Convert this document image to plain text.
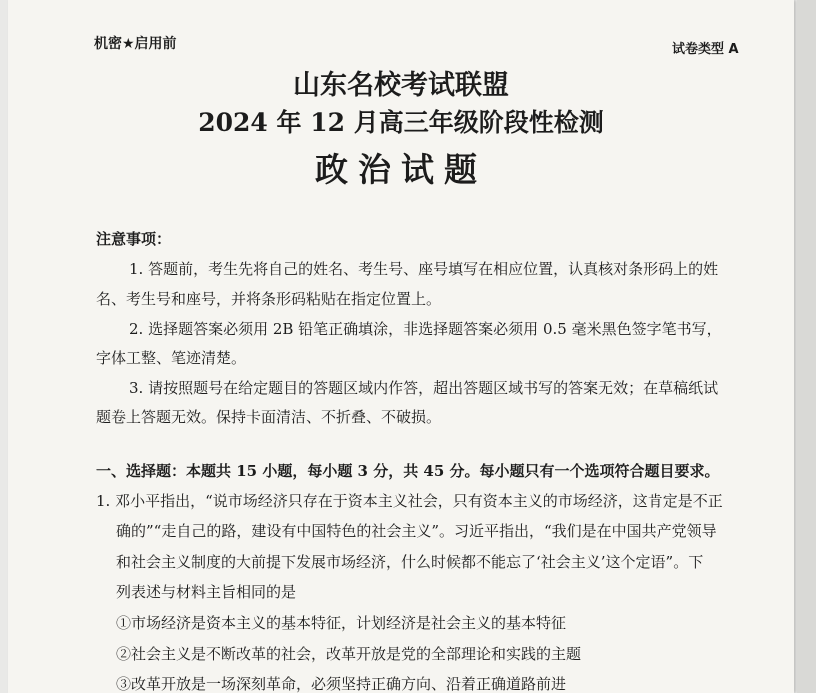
机密★启用前	试卷类型 A
山东名校考试联盟
2024 年 12 月高三年级阶段性检测
政治试题
注意事项：
1. 答题前，考生先将自己的姓名、考生号、座号填写在相应位置，认真核对条形码上的姓
名、考生号和座号，并将条形码粘贴在指定位置上。
2. 选择题答案必须用 2B 铅笔正确填涂，非选择题答案必须用 0.5 毫米黑色签字笔书写，
字体工整、笔迹清楚。
3. 请按照题号在给定题目的答题区域内作答，超出答题区域书写的答案无效；在草稿纸试
题卷上答题无效。保持卡面清洁、不折叠、不破损。
一、选择题：本题共 15 小题，每小题 3 分，共 45 分。每小题只有一个选项符合题目要求。
1. 邓小平指出，“说市场经济只存在于资本主义社会，只有资本主义的市场经济，这肯定是不正
确的”“走自己的路，建设有中国特色的社会主义”。习近平指出，“我们是在中国共产党领导
和社会主义制度的大前提下发展市场经济，什么时候都不能忘了‘社会主义’这个定语”。下
列表述与材料主旨相同的是
①市场经济是资本主义的基本特征，计划经济是社会主义的基本特征
②社会主义是不断改革的社会，改革开放是党的全部理论和实践的主题
③改革开放是一场深刻革命，必须坚持正确方向、沿着正确道路前进
